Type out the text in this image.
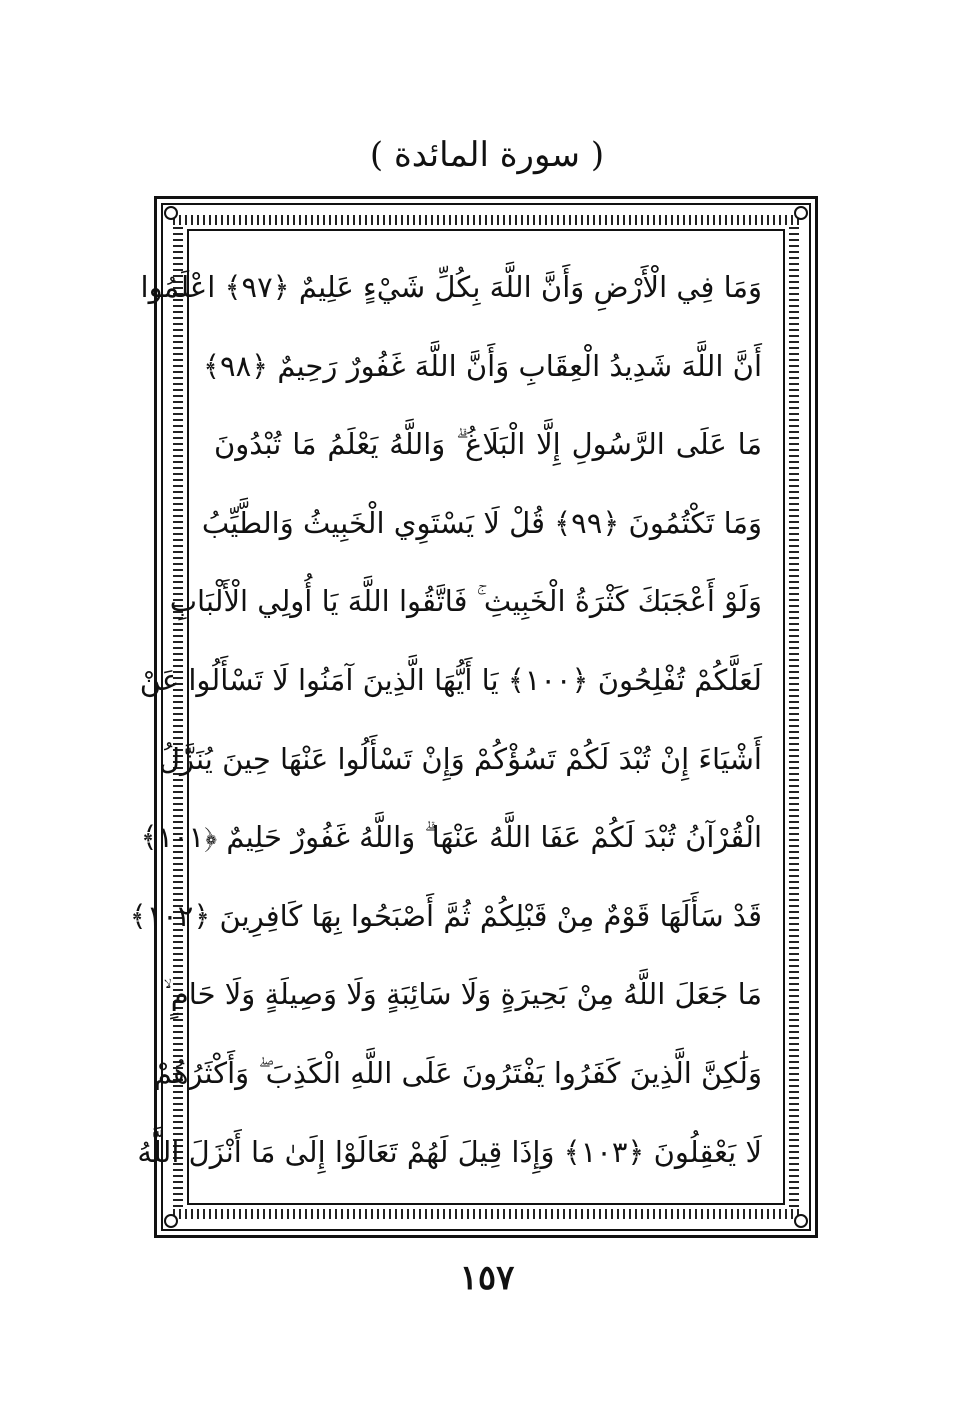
( سورة المائدة )
وَمَا فِي الْأَرْضِ وَأَنَّ اللَّهَ بِكُلِّ شَيْءٍ عَلِيمٌ ﴿٩٧﴾ اعْلَمُوا
أَنَّ اللَّهَ شَدِيدُ الْعِقَابِ وَأَنَّ اللَّهَ غَفُورٌ رَحِيمٌ ﴿٩٨﴾
مَا عَلَى الرَّسُولِ إِلَّا الْبَلَاغُ ۗ وَاللَّهُ يَعْلَمُ مَا تُبْدُونَ
وَمَا تَكْتُمُونَ ﴿٩٩﴾ قُلْ لَا يَسْتَوِي الْخَبِيثُ وَالطَّيِّبُ
وَلَوْ أَعْجَبَكَ كَثْرَةُ الْخَبِيثِ ۚ فَاتَّقُوا اللَّهَ يَا أُولِي الْأَلْبَابِ
لَعَلَّكُمْ تُفْلِحُونَ ﴿١٠٠﴾ يَا أَيُّهَا الَّذِينَ آمَنُوا لَا تَسْأَلُوا عَنْ
أَشْيَاءَ إِنْ تُبْدَ لَكُمْ تَسُؤْكُمْ وَإِنْ تَسْأَلُوا عَنْهَا حِينَ يُنَزَّلُ
الْقُرْآنُ تُبْدَ لَكُمْ عَفَا اللَّهُ عَنْهَا ۗ وَاللَّهُ غَفُورٌ حَلِيمٌ ﴿١٠١﴾
قَدْ سَأَلَهَا قَوْمٌ مِنْ قَبْلِكُمْ ثُمَّ أَصْبَحُوا بِهَا كَافِرِينَ ﴿١٠٢﴾
مَا جَعَلَ اللَّهُ مِنْ بَحِيرَةٍ وَلَا سَائِبَةٍ وَلَا وَصِيلَةٍ وَلَا حَامٍ ۙ
وَلَٰكِنَّ الَّذِينَ كَفَرُوا يَفْتَرُونَ عَلَى اللَّهِ الْكَذِبَ ۖ وَأَكْثَرُهُمْ
لَا يَعْقِلُونَ ﴿١٠٣﴾ وَإِذَا قِيلَ لَهُمْ تَعَالَوْا إِلَىٰ مَا أَنْزَلَ اللَّهُ
١٥٧
